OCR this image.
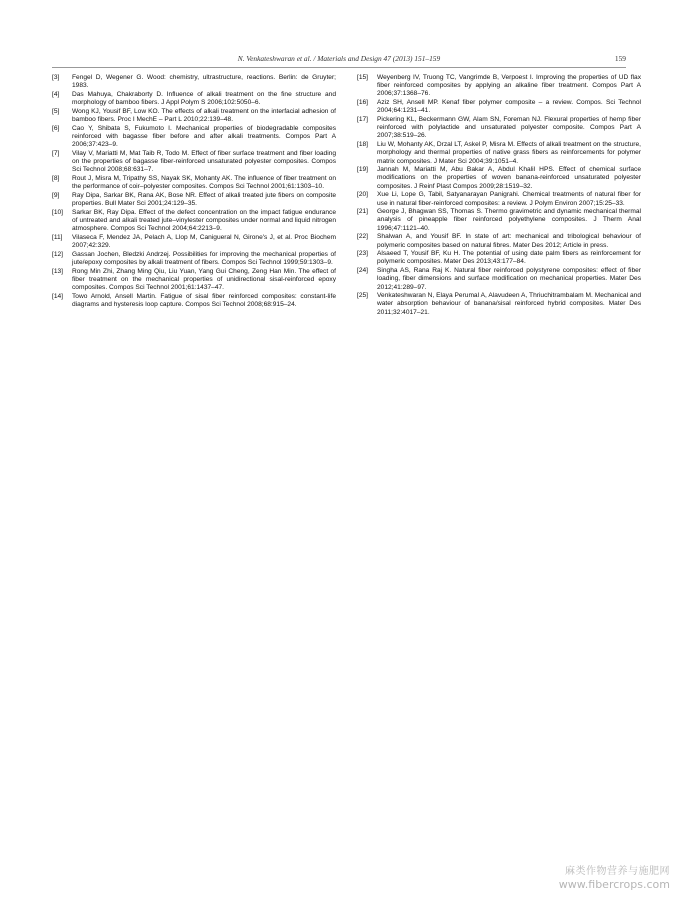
N. Venkateshwaran et al. / Materials and Design 47 (2013) 151–159	159
[3]	Fengel D, Wegener G. Wood: chemistry, ultrastructure, reactions. Berlin: de Gruyter; 1983.
[4]	Das Mahuya, Chakraborty D. Influence of alkali treatment on the fine structure and morphology of bamboo fibers. J Appl Polym S 2006;102:5050–6.
[5]	Wong KJ, Yousif BF, Low KO. The effects of alkali treatment on the interfacial adhesion of bamboo fibers. Proc I MechE – Part L 2010;22:139–48.
[6]	Cao Y, Shibata S, Fukumoto I. Mechanical properties of biodegradable composites reinforced with bagasse fiber before and after alkali treatments. Compos Part A 2006;37:423–9.
[7]	Vilay V, Mariatti M, Mat Taib R, Todo M. Effect of fiber surface treatment and fiber loading on the properties of bagasse fiber-reinforced unsaturated polyester composites. Compos Sci Technol 2008;68:631–7.
[8]	Rout J, Misra M, Tripathy SS, Nayak SK, Mohanty AK. The influence of fiber treatment on the performance of coir–polyester composites. Compos Sci Technol 2001;61:1303–10.
[9]	Ray Dipa, Sarkar BK, Rana AK, Bose NR. Effect of alkali treated jute fibers on composite properties. Bull Mater Sci 2001;24:129–35.
[10]	Sarkar BK, Ray Dipa. Effect of the defect concentration on the impact fatigue endurance of untreated and alkali treated jute–vinylester composites under normal and liquid nitrogen atmosphere. Compos Sci Technol 2004;64:2213–9.
[11]	Vilaseca F, Mendez JA, Pelach A, Llop M, Canigueral N, Girone's J, et al. Proc Biochem 2007;42:329.
[12]	Gassan Jochen, Bledzki Andrzej. Possibilities for improving the mechanical properties of jute/epoxy composites by alkali treatment of fibers. Compos Sci Technol 1999;59:1303–9.
[13]	Rong Min Zhi, Zhang Ming Qiu, Liu Yuan, Yang Gui Cheng, Zeng Han Min. The effect of fiber treatment on the mechanical properties of unidirectional sisal-reinforced epoxy composites. Compos Sci Technol 2001;61:1437–47.
[14]	Towo Arnold, Ansell Martin. Fatigue of sisal fiber reinforced composites: constant-life diagrams and hysteresis loop capture. Compos Sci Technol 2008;68:915–24.
[15]	Weyenberg IV, Truong TC, Vangrimde B, Verpoest I. Improving the properties of UD flax fiber reinforced composites by applying an alkaline fiber treatment. Compos Part A 2006;37:1368–76.
[16]	Aziz SH, Ansell MP. Kenaf fiber polymer composite – a review. Compos. Sci Technol 2004;64:1231–41.
[17]	Pickering KL, Beckermann GW, Alam SN, Foreman NJ. Flexural properties of hemp fiber reinforced with polylactide and unsaturated polyester composite. Compos Part A 2007;38:519–26.
[18]	Liu W, Mohanty AK, Drzal LT, Askel P, Misra M. Effects of alkali treatment on the structure, morphology and thermal properties of native grass fibers as reinforcements for polymer matrix composites. J Mater Sci 2004;39:1051–4.
[19]	Jannah M, Mariatti M, Abu Bakar A, Abdul Khalil HPS. Effect of chemical surface modifications on the properties of woven banana-reinforced unsaturated polyester composites. J Reinf Plast Compos 2009;28:1519–32.
[20]	Xue Li, Lope G, Tabil, Satyanarayan Panigrahi. Chemical treatments of natural fiber for use in natural fiber-reinforced composites: a review. J Polym Environ 2007;15:25–33.
[21]	George J, Bhagwan SS, Thomas S. Thermo gravimetric and dynamic mechanical thermal analysis of pineapple fiber reinforced polyethylene composites. J Therm Anal 1996;47:1121–40.
[22]	Shalwan A, and Yousif BF. In state of art: mechanical and tribological behaviour of polymeric composites based on natural fibres. Mater Des 2012; Article in press.
[23]	Alsaeed T, Yousif BF, Ku H. The potential of using date palm fibers as reinforcement for polymeric composites. Mater Des 2013;43:177–84.
[24]	Singha AS, Rana Raj K. Natural fiber reinforced polystyrene composites: effect of fiber loading, fiber dimensions and surface modification on mechanical properties. Mater Des 2012;41:289–97.
[25]	Venkateshwaran N, Elaya Perumal A, Alavudeen A, Thriuchitrambalam M. Mechanical and water absorption behaviour of banana/sisal reinforced hybrid composites. Mater Des 2011;32:4017–21.
麻类作物营养与施肥网
www.fibercrops.com
